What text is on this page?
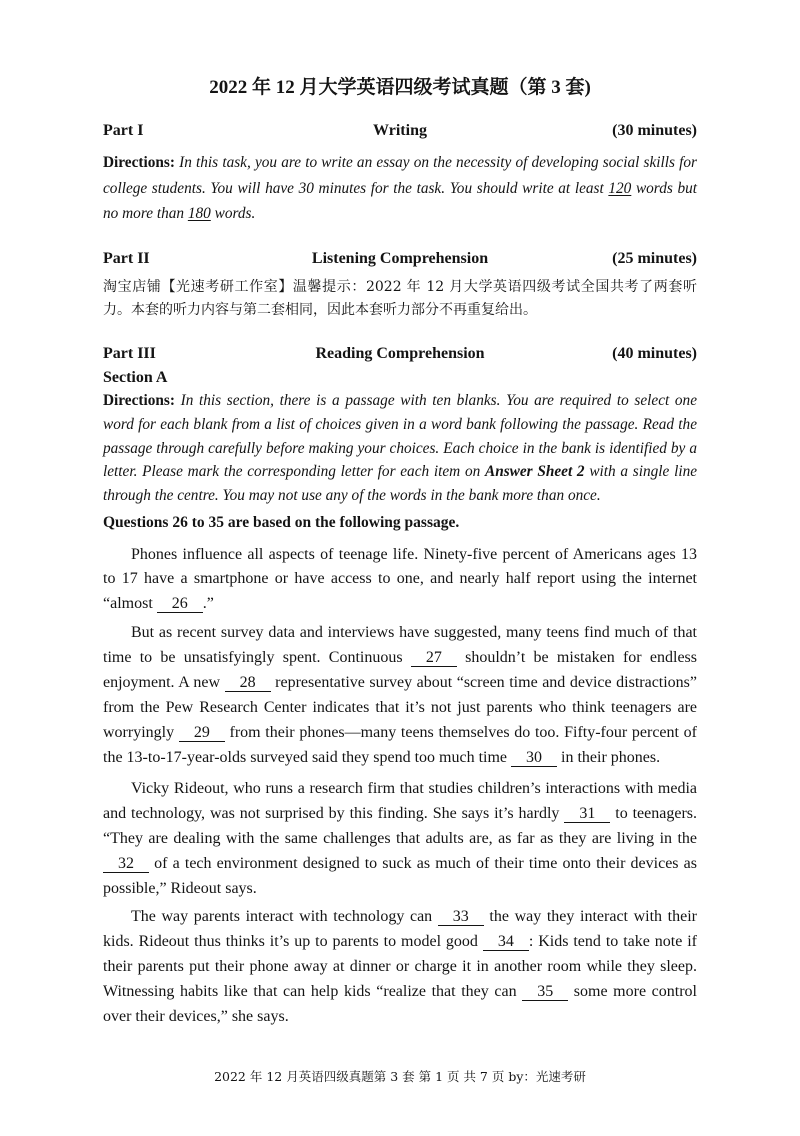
2022 年 12 月大学英语四级考试真题（第 3 套)
Part I	Writing	(30 minutes)

Directions: In this task, you are to write an essay on the necessity of developing social skills for college students. You will have 30 minutes for the task. You should write at least 120 words but no more than 180 words.

Part II	Listening Comprehension	(25 minutes)

淘宝店铺【光速考研工作室】温馨提示：2022 年 12 月大学英语四级考试全国共考了两套听力。本套的听力内容与第二套相同，因此本套听力部分不再重复给出。

Part III	Reading Comprehension	(40 minutes)
Section A

Directions: In this section, there is a passage with ten blanks. You are required to select one word for each blank from a list of choices given in a word bank following the passage. Read the passage through carefully before making your choices. Each choice in the bank is identified by a letter. Please mark the corresponding letter for each item on Answer Sheet 2 with a single line through the centre. You may not use any of the words in the bank more than once.

Questions 26 to 35 are based on the following passage.

Phones influence all aspects of teenage life. Ninety-five percent of Americans ages 13 to 17 have a smartphone or have access to one, and nearly half report using the internet “almost 26 .”

But as recent survey data and interviews have suggested, many teens find much of that time to be unsatisfyingly spent. Continuous 27 shouldn’t be mistaken for endless enjoyment. A new 28 representative survey about “screen time and device distractions” from the Pew Research Center indicates that it’s not just parents who think teenagers are worryingly 29 from their phones—many teens themselves do too. Fifty-four percent of the 13-to-17-year-olds surveyed said they spend too much time 30 in their phones.

Vicky Rideout, who runs a research firm that studies children’s interactions with media and technology, was not surprised by this finding. She says it’s hardly 31 to teenagers. “They are dealing with the same challenges that adults are, as far as they are living in the 32 of a tech environment designed to suck as much of their time onto their devices as possible,” Rideout says.

The way parents interact with technology can 33 the way they interact with their kids. Rideout thus thinks it’s up to parents to model good 34 : Kids tend to take note if their parents put their phone away at dinner or charge it in another room while they sleep. Witnessing habits like that can help kids “realize that they can 35 some more control over their devices,” she says.

2022 年 12 月英语四级真题第 3 套 第 1 页 共 7 页 by：光速考研
